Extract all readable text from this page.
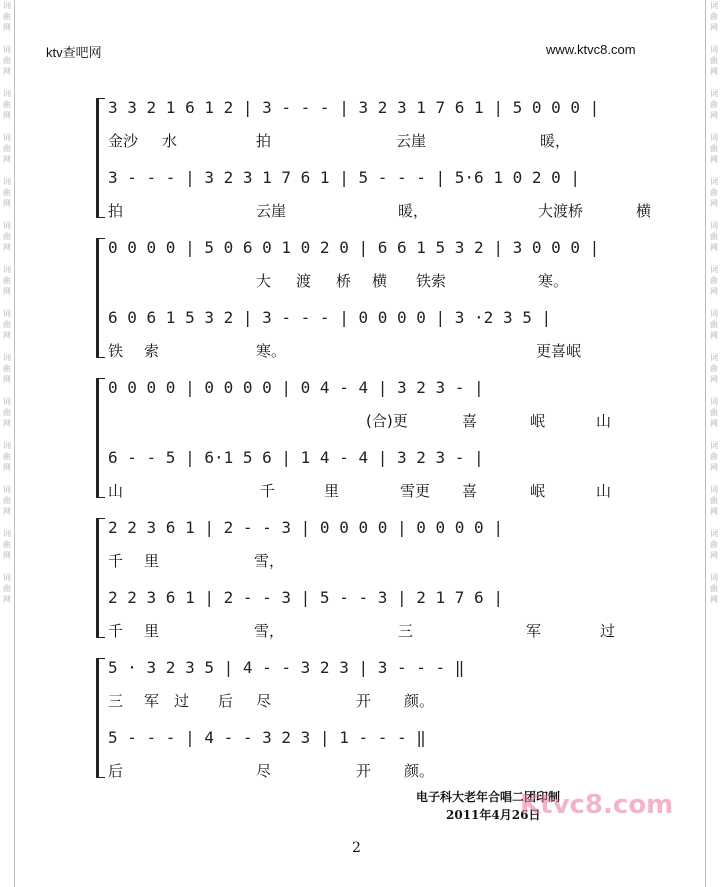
词
曲
网

词
曲
网

词
曲
网

词
曲
网

词
曲
网

词
曲
网

词
曲
网

词
曲
网

词
曲
网

词
曲
网

词
曲
网

词
曲
网

词
曲
网

词
曲
网
词
曲
网

词
曲
网

词
曲
网

词
曲
网

词
曲
网

词
曲
网

词
曲
网

词
曲
网

词
曲
网

词
曲
网

词
曲
网

词
曲
网

词
曲
网

词
曲
网
ktv查吧网	www.ktvc8.com
3 3 2 1 6 1 2 | 3 - - - | 3 2 3 1 7 6 1 | 5 0 0 0 |
金沙 水	拍	云崖	暖，
3 - - - | 3 2 3 1 7 6 1 | 5 - - - | 5·6 1 0 2 0 |
拍	云崖	暖，	大渡桥	横
0 0 0 0 | 5 0 6 0 1 0 2 0 | 6 6 1 5 3 2 | 3 0 0 0 |
大 渡 桥 横 铁索	寒。
6 0 6 1 5 3 2 | 3 - - - | 0 0 0 0 | 3 ·2 3 5 |
铁 索	寒。	更喜岷
0 0 0 0 | 0 0 0 0 | 0 4 - 4 | 3 2 3 - |
(合)更	喜	岷	山
6 - - 5 | 6·1 5 6 | 1 4 - 4 | 3 2 3 - |
山	千	里	雪更 喜	岷	山
2 2 3 6 1 | 2 - - 3 | 0 0 0 0 | 0 0 0 0 |
千 里	雪，
2 2 3 6 1 | 2 - - 3 | 5 - - 3 | 2 1 7 6 |
千 里	雪，	三	军	过
5 · 3 2 3 5 | 4 - - 3 2 3 | 3 - - - ‖
三 军 过 后 尽	开 颜。
5 - - - | 4 - - 3 2 3 | 1 - - - ‖
后	尽	开 颜。
电子科大老年合唱二团印制
2011年4月26日
Ktvc8.com
2
